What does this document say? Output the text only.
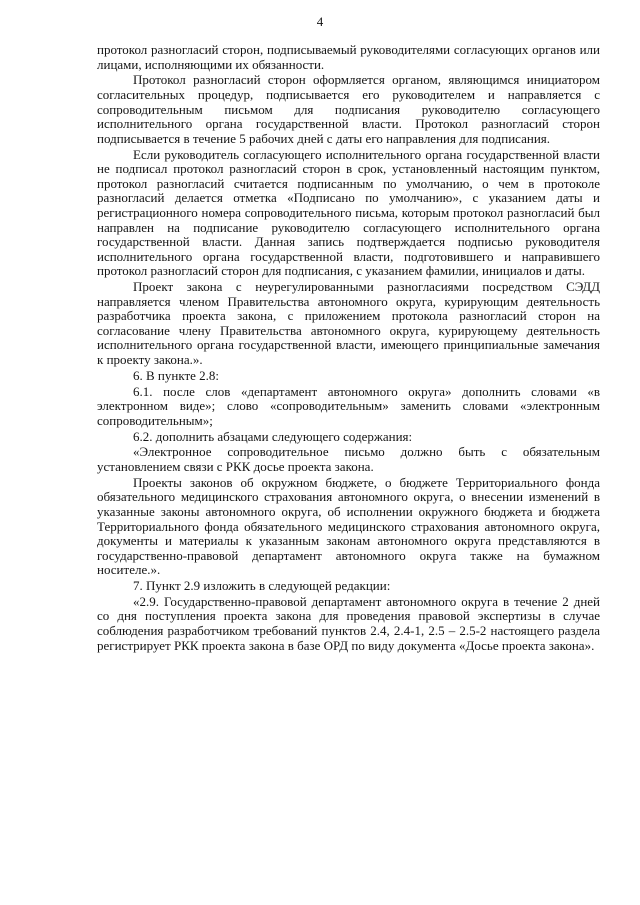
4

протокол разногласий сторон, подписываемый руководителями согласующих органов или лицами, исполняющими их обязанности.

Протокол разногласий сторон оформляется органом, являющимся инициатором согласительных процедур, подписывается его руководителем и направляется с сопроводительным письмом для подписания руководителю согласующего исполнительного органа государственной власти. Протокол разногласий сторон подписывается в течение 5 рабочих дней с даты его направления для подписания.

Если руководитель согласующего исполнительного органа государственной власти не подписал протокол разногласий сторон в срок, установленный настоящим пунктом, протокол разногласий считается подписанным по умолчанию, о чем в протоколе разногласий делается отметка «Подписано по умолчанию», с указанием даты и регистрационного номера сопроводительного письма, которым протокол разногласий был направлен на подписание руководителю согласующего исполнительного органа государственной власти. Данная запись подтверждается подписью руководителя исполнительного органа государственной власти, подготовившего и направившего протокол разногласий сторон для подписания, с указанием фамилии, инициалов и даты.

Проект закона с неурегулированными разногласиями посредством СЭДД направляется членом Правительства автономного округа, курирующим деятельность разработчика проекта закона, с приложением протокола разногласий сторон на согласование члену Правительства автономного округа, курирующему деятельность исполнительного органа государственной власти, имеющего принципиальные замечания к проекту закона.».

6. В пункте 2.8:

6.1. после слов «департамент автономного округа» дополнить словами «в электронном виде»; слово «сопроводительным» заменить словами «электронным сопроводительным»;

6.2. дополнить абзацами следующего содержания:

«Электронное сопроводительное письмо должно быть с обязательным установлением связи с РКК досье проекта закона.

Проекты законов об окружном бюджете, о бюджете Территориального фонда обязательного медицинского страхования автономного округа, о внесении изменений в указанные законы автономного округа, об исполнении окружного бюджета и бюджета Территориального фонда обязательного медицинского страхования автономного округа, документы и материалы к указанным законам автономного округа представляются в государственно-правовой департамент автономного округа также на бумажном носителе.».

7. Пункт 2.9 изложить в следующей редакции:

«2.9. Государственно-правовой департамент автономного округа в течение 2 дней со дня поступления проекта закона для проведения правовой экспертизы в случае соблюдения разработчиком требований пунктов 2.4, 2.4-1, 2.5 – 2.5-2 настоящего раздела регистрирует РКК проекта закона в базе ОРД по виду документа «Досье проекта закона».
